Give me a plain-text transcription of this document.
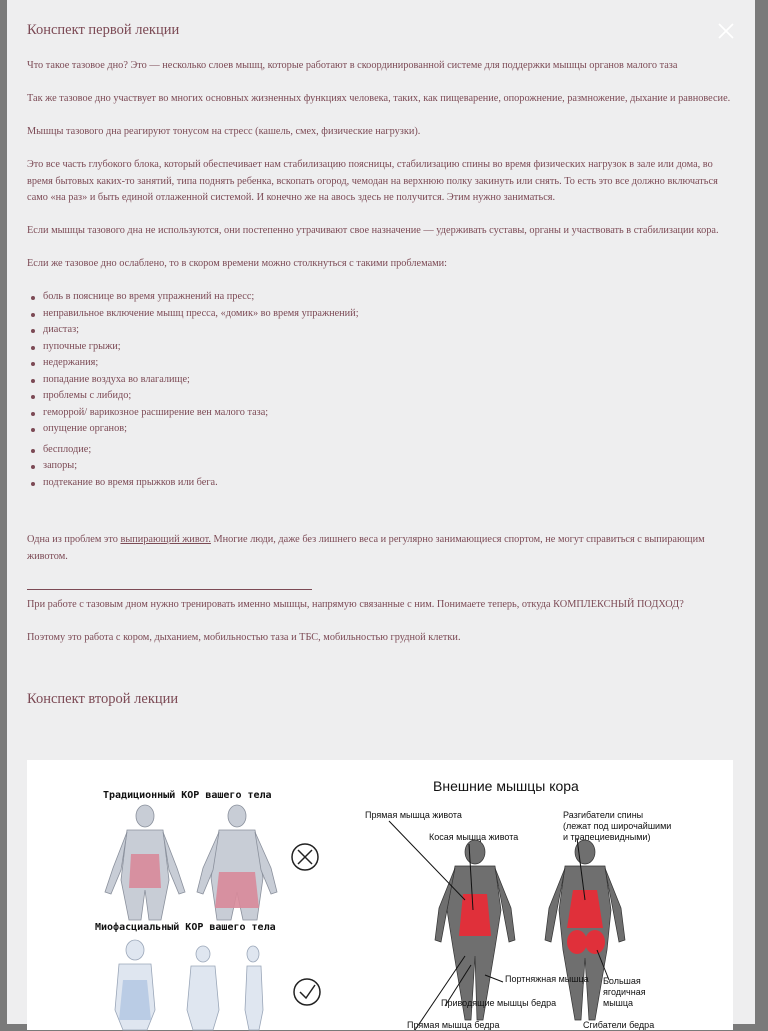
Конспект первой лекции

Что такое тазовое дно? Это — несколько слоев мышц, которые работают в скоординированной системе для поддержки мышцы органов малого таза

Так же тазовое дно участвует во многих основных жизненных функциях человека, таких, как пищеварение, опорожнение, размножение, дыхание и равновесие.

Мышцы тазового дна реагируют тонусом на стресс (кашель, смех, физические нагрузки).

Это все часть глубокого блока, который обеспечивает нам стабилизацию поясницы, стабилизацию спины во время физических нагрузок в зале или дома, во время бытовых каких-то занятий, типа поднять ребенка, вскопать огород, чемодан на верхнюю полку закинуть или снять. То есть это все должно включаться само «на раз» и быть единой отлаженной системой. И конечно же на авось здесь не получится. Этим нужно заниматься.

Если мышцы тазового дна не используются, они постепенно утрачивают свое назначение — удерживать суставы, органы и участвовать в стабилизации кора.

Если же тазовое дно ослаблено, то в скором времени можно столкнуться с такими проблемами:

боль в пояснице во время упражнений на пресс;
неправильное включение мышц пресса, «домик» во время упражнений;
диастаз;
пупочные грыжи;
недержания;
попадание воздуха во влагалище;
проблемы с либидо;
геморрой/ варикозное расширение вен малого таза;
опущение органов;
бесплодие;
запоры;
подтекание во время прыжков или бега.

Одна из проблем это выпирающий живот. Многие люди, даже без лишнего веса и регулярно занимающиеся спортом, не могут справиться с выпирающим животом.

При работе с тазовым дном нужно тренировать именно мышцы, напрямую связанные с ним. Понимаете теперь, откуда КОМПЛЕКСНЫЙ ПОДХОД?

Поэтому это работа с кором, дыханием, мобильностью таза и ТБС, мобильностью грудной клетки.

Конспект второй лекции
Традиционный КОР вашего тела
Миофасциальный КОР вашего тела
Внешние мышцы кора
Прямая мышца живота
Косая мышца живота
Разгибатели спины
(лежат под широчайшими
и трапециевидными)
Портняжная мышца
Приводящие мышцы бедра
Большая
ягодичная
мышца
Прямая мышца бедра	Сгибатели бедра
